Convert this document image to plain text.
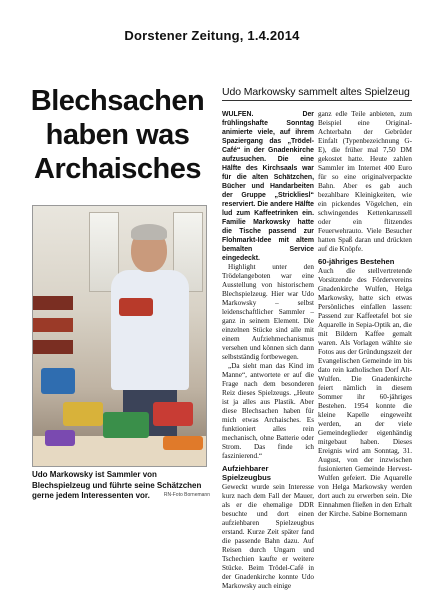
Dorstener Zeitung, 1.4.2014
Blechsachen
haben was
Archaisches
Udo Markowsky sammelt altes Spielzeug
Udo Markowsky ist Sammler von Blechspielzeug und führte seine Schätzchen gerne jedem Interessenten vor.	RN-Foto Bornemann

WULFEN. Der frühlingshafte Sonntag animierte viele, auf ihrem Spaziergang das „Trödel-Café“ in der Gnadenkirche aufzusuchen. Die eine Hälfte des Kirchsaals war für die alten Schätzchen, Bücher und Handarbeiten der Gruppe „Strickliesl“ reserviert. Die andere Hälfte lud zum Kaffeetrinken ein. Familie Markowsky hatte die Tische passend zur Flohmarkt-Idee mit altem bemalten Service eingedeckt.

Highlight unter den Trödelangeboten war eine Ausstellung von historischem Blechspielzeug. Hier war Udo Markowsky – selbst leidenschaftlicher Sammler – ganz in seinem Element. Die einzelnen Stücke sind alle mit einem Aufziehmechanismus versehen und können sich dann selbstständig fortbewegen.

„Da sieht man das Kind im Manne“, antwortete er auf die Frage nach dem besonderen Reiz dieses Spielzeugs. „Heute ist ja alles aus Plastik. Aber diese Blechsachen haben für mich etwas Archaisches. Es funktioniert alles rein mechanisch, ohne Batterie oder Strom. Das finde ich faszinierend.“

Aufziehbarer Spielzeugbus

Geweckt wurde sein Interesse kurz nach dem Fall der Mauer, als er die ehemalige DDR besuchte und dort einen aufziehbaren Spielzeugbus erstand. Kurze Zeit später fand die passende Bahn dazu. Auf Reisen durch Ungarn und Tschechien kaufte er weitere Stücke. Beim Trödel-Café in der Gnadenkirche konnte Udo Markowsky auch einige

ganz edle Teile anbieten, zum Beispiel eine Original-Achterbahn der Gebrüder Einfalt (Typenbezeichnung G-E), die früher mal 7,50 DM gekostet hatte. Heute zahlen Sammler im Internet 400 Euro für so eine originalverpackte Bahn. Aber es gab auch bezahlbare Kleinigkeiten, wie ein pickendes Vögelchen, ein schwingendes Kettenkarussell oder ein flitzendes Feuerwehrauto. Viele Besucher hatten Spaß daran und drückten auf die Knöpfe.

60-jähriges Bestehen

Auch die stellvertretende Vorsitzende des Fördervereins Gnadenkirche Wulfen, Helga Markowsky, hatte sich etwas Persönliches einfallen lassen: Passend zur Kaffeetafel bot sie Aquarelle in Sepia-Optik an, die mit Bildern Kaffee gemalt waren. Als Vorlagen wählte sie Fotos aus der Gründungszeit der Evangelischen Gemeinde im bis dato rein katholischen Dorf Alt-Wulfen. Die Gnadenkirche feiert nämlich in diesem Sommer ihr 60-jähriges Bestehen. 1954 konnte die kleine Kapelle eingeweiht werden, an der viele Gemeindeglieder eigenhändig mitgebaut haben. Dieses Ereignis wird am Sonntag, 31. August, von der inzwischen fusionierten Gemeinde Hervest-Wulfen gefeiert. Die Aquarelle von Helga Markowsky werden dort auch zu erwerben sein. Die Einnahmen fließen in den Erhalt der Kirche. Sabine Bornemann
